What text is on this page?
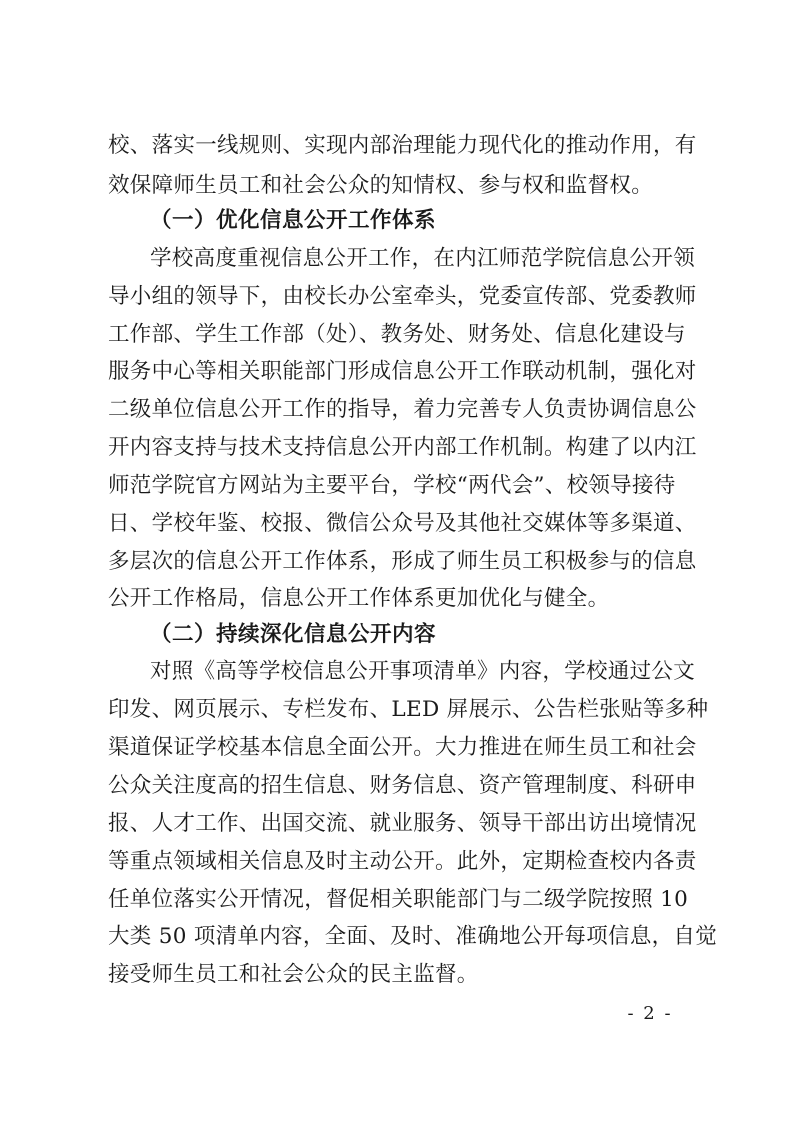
校、落实一线规则、实现内部治理能力现代化的推动作用，有
效保障师生员工和社会公众的知情权、参与权和监督权。
（一）优化信息公开工作体系
学校高度重视信息公开工作，在内江师范学院信息公开领
导小组的领导下，由校长办公室牵头，党委宣传部、党委教师
工作部、学生工作部（处）、教务处、财务处、信息化建设与
服务中心等相关职能部门形成信息公开工作联动机制，强化对
二级单位信息公开工作的指导，着力完善专人负责协调信息公
开内容支持与技术支持信息公开内部工作机制。构建了以内江
师范学院官方网站为主要平台，学校“两代会”、校领导接待
日、学校年鉴、校报、微信公众号及其他社交媒体等多渠道、
多层次的信息公开工作体系，形成了师生员工积极参与的信息
公开工作格局，信息公开工作体系更加优化与健全。
（二）持续深化信息公开内容
对照《高等学校信息公开事项清单》内容，学校通过公文
印发、网页展示、专栏发布、LED 屏展示、公告栏张贴等多种
渠道保证学校基本信息全面公开。大力推进在师生员工和社会
公众关注度高的招生信息、财务信息、资产管理制度、科研申
报、人才工作、出国交流、就业服务、领导干部出访出境情况
等重点领域相关信息及时主动公开。此外，定期检查校内各责
任单位落实公开情况，督促相关职能部门与二级学院按照 10
大类 50 项清单内容，全面、及时、准确地公开每项信息，自觉
接受师生员工和社会公众的民主监督。
- 2 -
